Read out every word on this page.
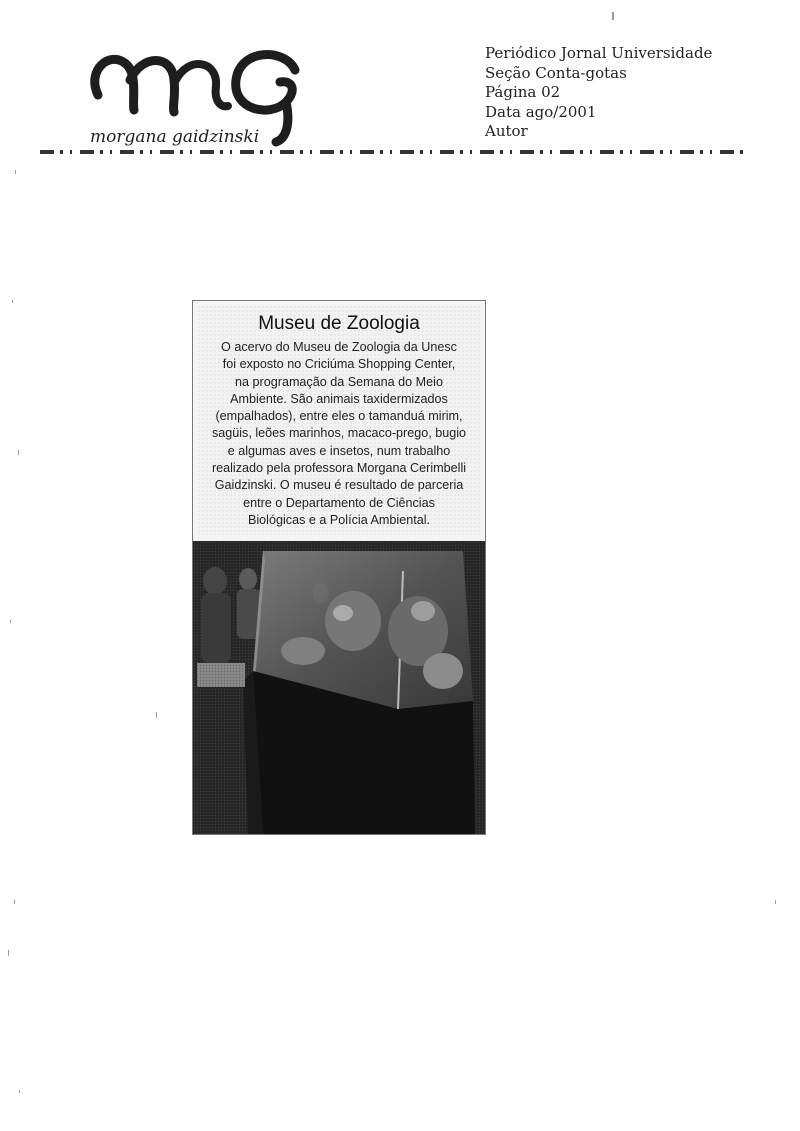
morgana gaidzinski
Periódico Jornal Universidade
Seção Conta-gotas
Página 02
Data ago/2001
Autor
Museu de Zoologia
O acervo do Museu de Zoologia da Unesc
foi exposto no Criciúma Shopping Center,
na programação da Semana do Meio
Ambiente. São animais taxidermizados
(empalhados), entre eles o tamanduá mirim,
sagüis, leões marinhos, macaco-prego, bugio
e algumas aves e insetos, num trabalho
realizado pela professora Morgana Cerimbelli
Gaidzinski. O museu é resultado de parceria
entre o Departamento de Ciências
Biológicas e a Polícia Ambiental.
